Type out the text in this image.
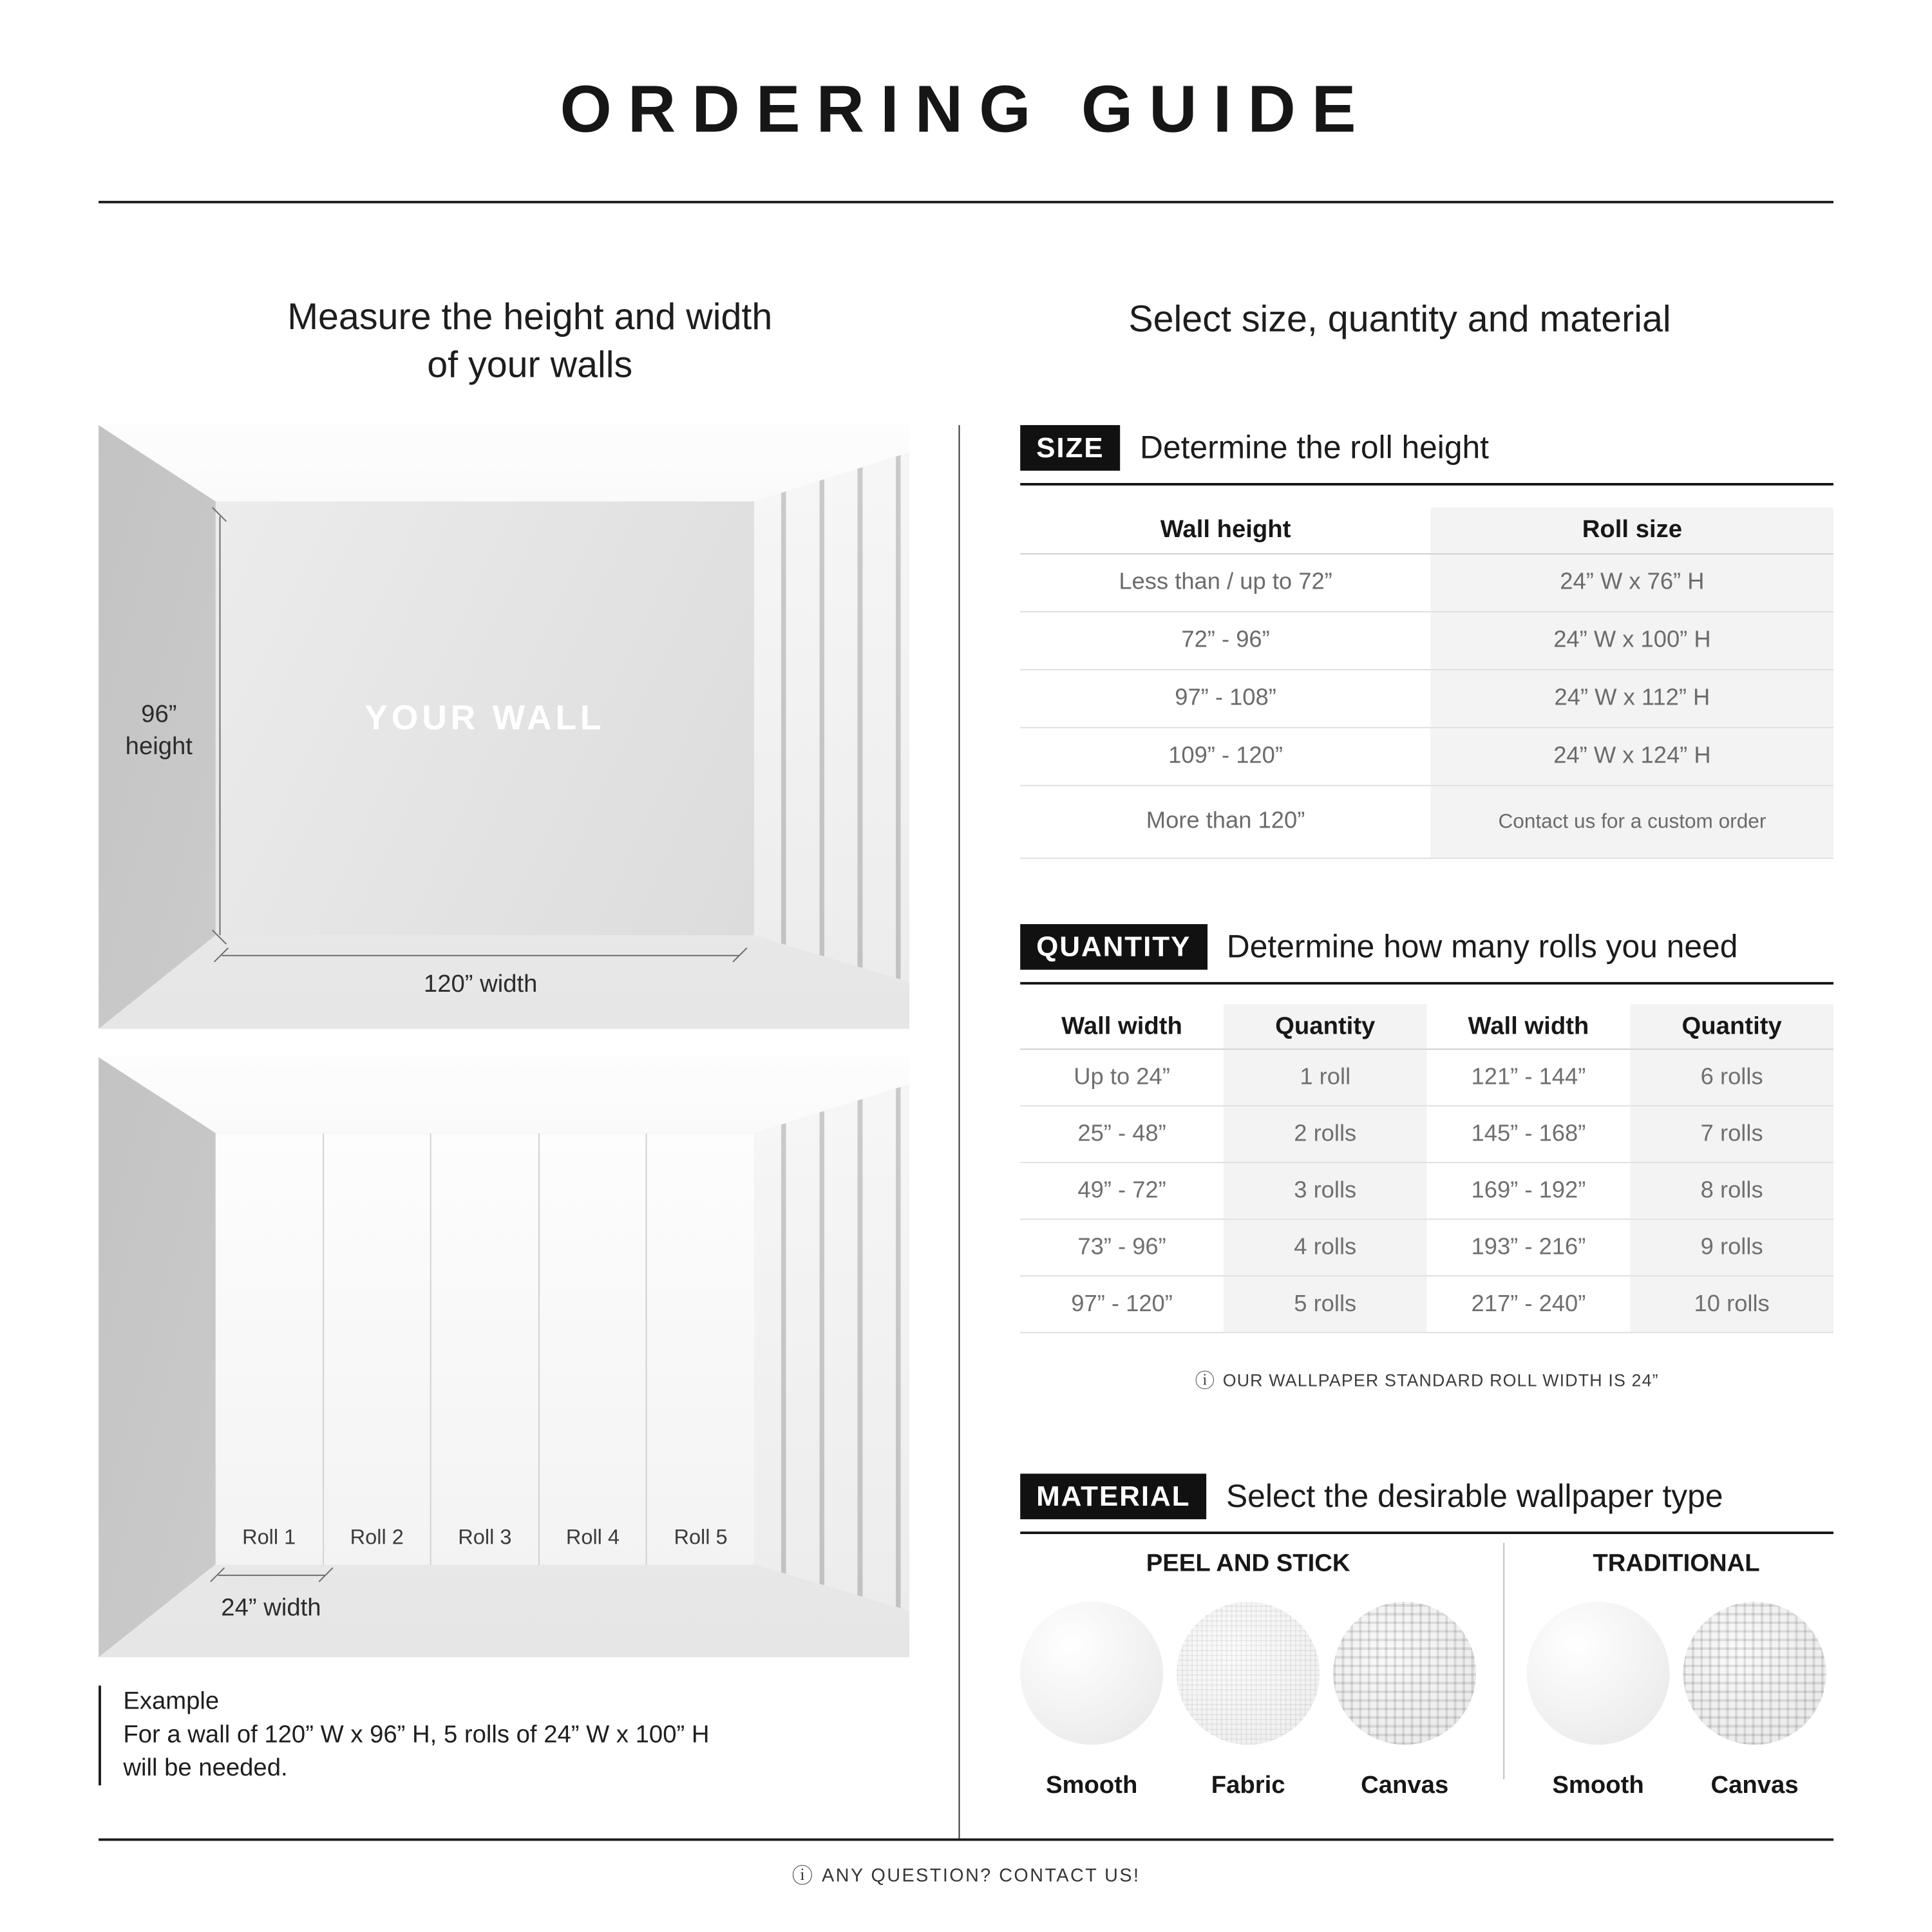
ORDERING GUIDE
Measure the height and width
of your walls
Select size, quantity and material
YOUR WALL
96”
height
120” width
Roll 1	Roll 2	Roll 3	Roll 4	Roll 5
24” width
Example
For a wall of 120” W x 96” H, 5 rolls of 24” W x 100” H
will be needed.
SIZE	Determine the roll height
Wall height	Roll size
Less than / up to 72”	24” W x 76” H
72” - 96”	24” W x 100” H
97” - 108”	24” W x 112” H
109” - 120”	24” W x 124” H
More than 120”	Contact us for a custom order
QUANTITY	Determine how many rolls you need
Wall width	Quantity	Wall width	Quantity
Up to 24”	1 roll	121” - 144”	6 rolls
25” - 48”	2 rolls	145” - 168”	7 rolls
49” - 72”	3 rolls	169” - 192”	8 rolls
73” - 96”	4 rolls	193” - 216”	9 rolls
97” - 120”	5 rolls	217” - 240”	10 rolls
ⓘ OUR WALLPAPER STANDARD ROLL WIDTH IS 24”
MATERIAL	Select the desirable wallpaper type
PEEL AND STICK	TRADITIONAL
Smooth	Fabric	Canvas	Smooth	Canvas
ⓘ ANY QUESTION? CONTACT US!
